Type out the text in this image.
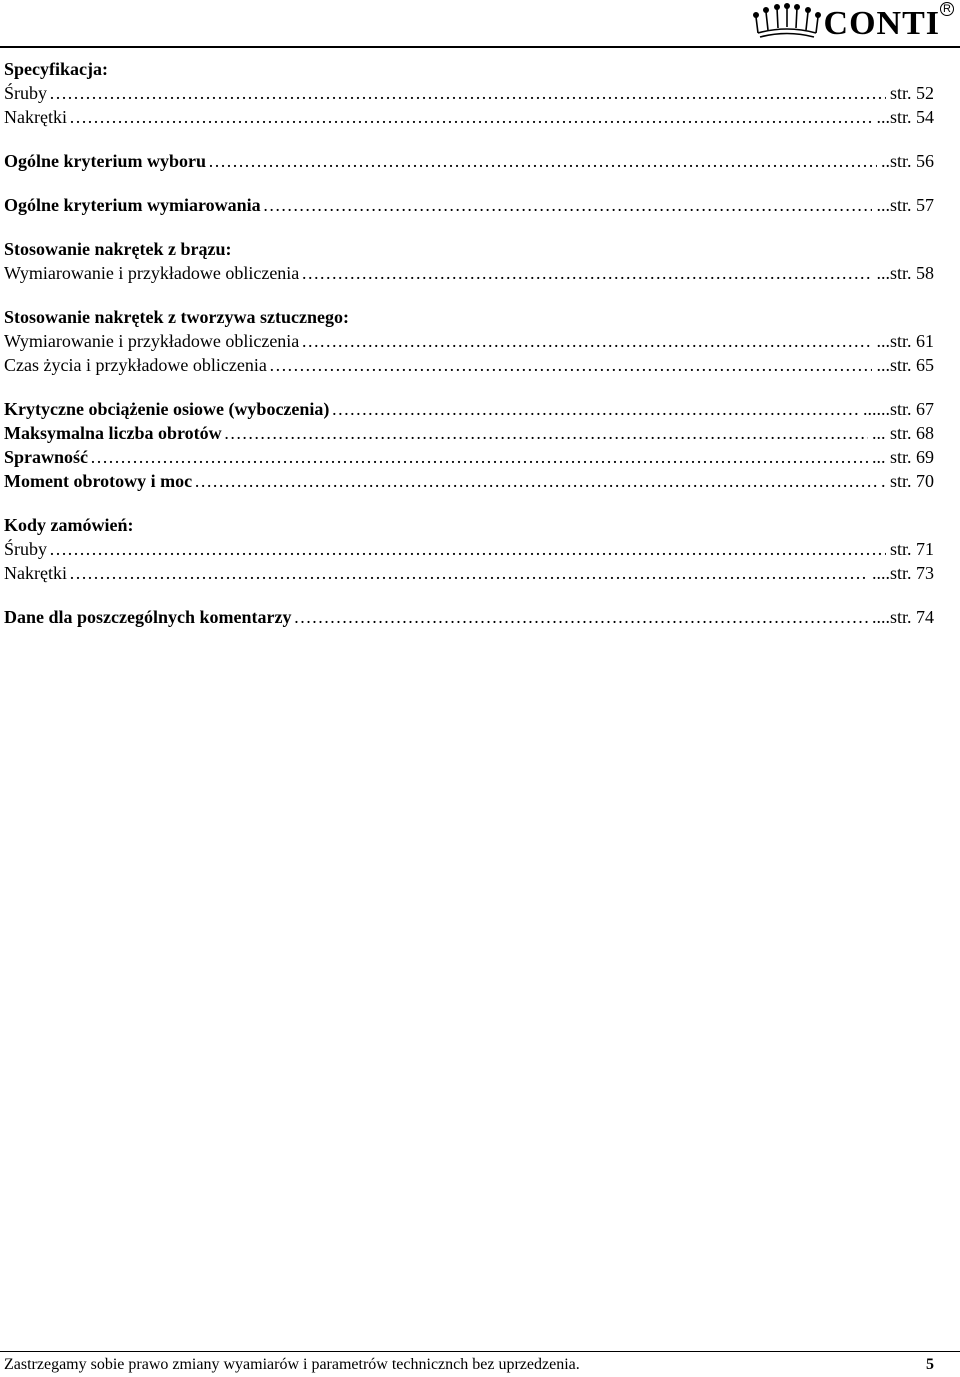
CONTI R
Specyfikacja:
Śruby ……………………………………………………………………………………………………………………………………………………………………………………………………	str. 52
Nakrętki ……………………………………………………………………………………………………………………………………………………………………………………………………	...str. 54
Ogólne kryterium wyboru ……………………………………………………………………………………………………………………………………………………………………………………………………	..str. 56
Ogólne kryterium wymiarowania ……………………………………………………………………………………………………………………………………………………………………………………………………	...str. 57
Stosowanie nakrętek z brązu:
Wymiarowanie i przykładowe obliczenia ……………………………………………………………………………………………………………………………………………………………………………………………………	...str. 58
Stosowanie nakrętek z tworzywa sztucznego:
Wymiarowanie i przykładowe obliczenia ……………………………………………………………………………………………………………………………………………………………………………………………………	...str. 61
Czas życia i przykładowe obliczenia ……………………………………………………………………………………………………………………………………………………………………………………………………	...str. 65
Krytyczne obciążenie osiowe (wyboczenia) ……………………………………………………………………………………………………………………………………………………………………………………………………	......str. 67
Maksymalna liczba obrotów ……………………………………………………………………………………………………………………………………………………………………………………………………	... str. 68
Sprawność ……………………………………………………………………………………………………………………………………………………………………………………………………	... str. 69
Moment obrotowy i moc ……………………………………………………………………………………………………………………………………………………………………………………………………	. str. 70
Kody zamówień:
Śruby ……………………………………………………………………………………………………………………………………………………………………………………………………	str. 71
Nakrętki ……………………………………………………………………………………………………………………………………………………………………………………………………	....str. 73
Dane dla poszczególnych komentarzy ……………………………………………………………………………………………………………………………………………………………………………………………………	....str. 74
Zastrzegamy sobie prawo zmiany wyamiarów i parametrów technicznch bez uprzedzenia.	5
